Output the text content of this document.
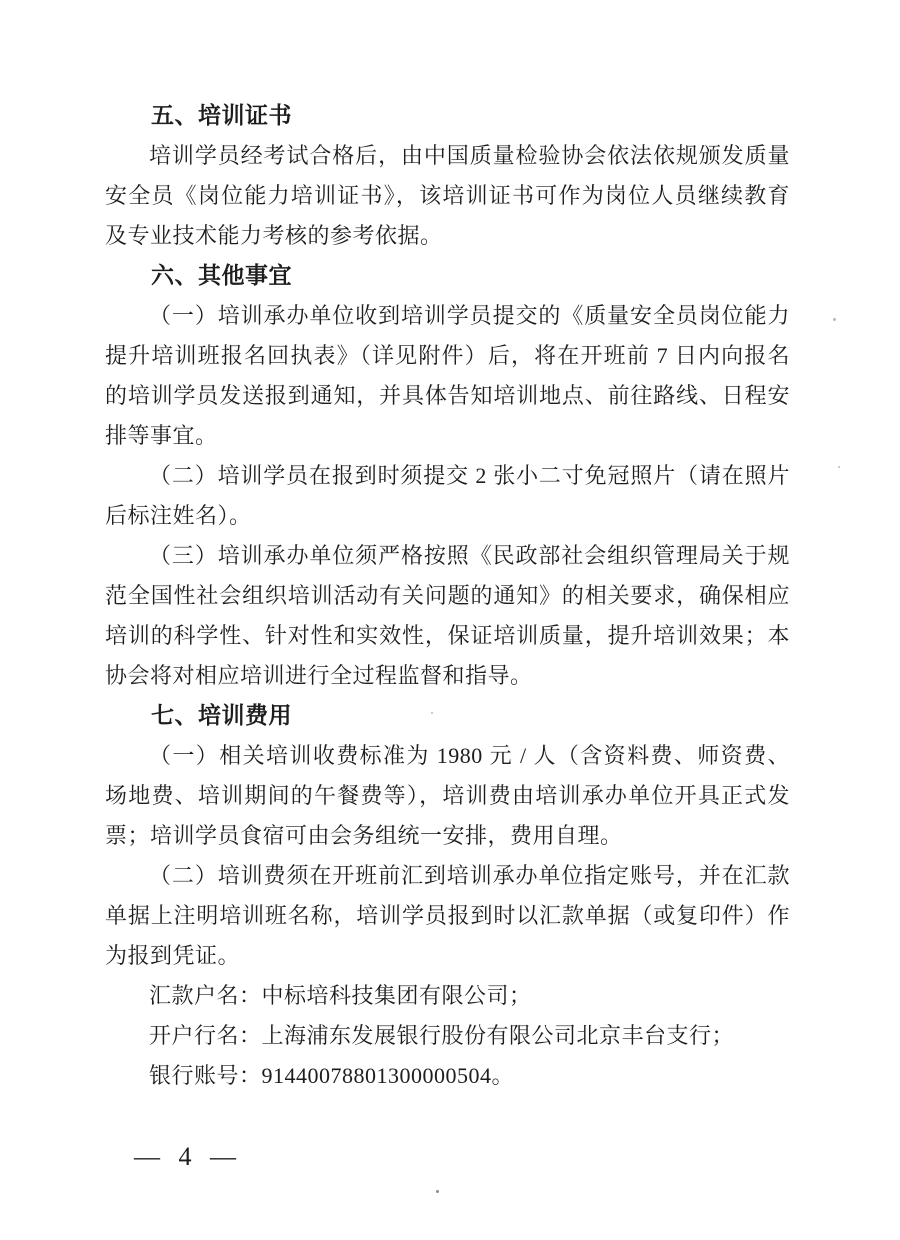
五、培训证书
培训学员经考试合格后，由中国质量检验协会依法依规颁发质量
安全员《岗位能力培训证书》，该培训证书可作为岗位人员继续教育
及专业技术能力考核的参考依据。
六、其他事宜
（一）培训承办单位收到培训学员提交的《质量安全员岗位能力
提升培训班报名回执表》（详见附件）后，将在开班前 7 日内向报名
的培训学员发送报到通知，并具体告知培训地点、前往路线、日程安
排等事宜。
（二）培训学员在报到时须提交 2 张小二寸免冠照片（请在照片
后标注姓名）。
（三）培训承办单位须严格按照《民政部社会组织管理局关于规
范全国性社会组织培训活动有关问题的通知》的相关要求，确保相应
培训的科学性、针对性和实效性，保证培训质量，提升培训效果；本
协会将对相应培训进行全过程监督和指导。
七、培训费用
（一）相关培训收费标准为 1980 元 / 人（含资料费、师资费、
场地费、培训期间的午餐费等），培训费由培训承办单位开具正式发
票；培训学员食宿可由会务组统一安排，费用自理。
（二）培训费须在开班前汇到培训承办单位指定账号，并在汇款
单据上注明培训班名称，培训学员报到时以汇款单据（或复印件）作
为报到凭证。
汇款户名：中标培科技集团有限公司；
开户行名：上海浦东发展银行股份有限公司北京丰台支行；
银行账号：91440078801300000504。
— 4 —
